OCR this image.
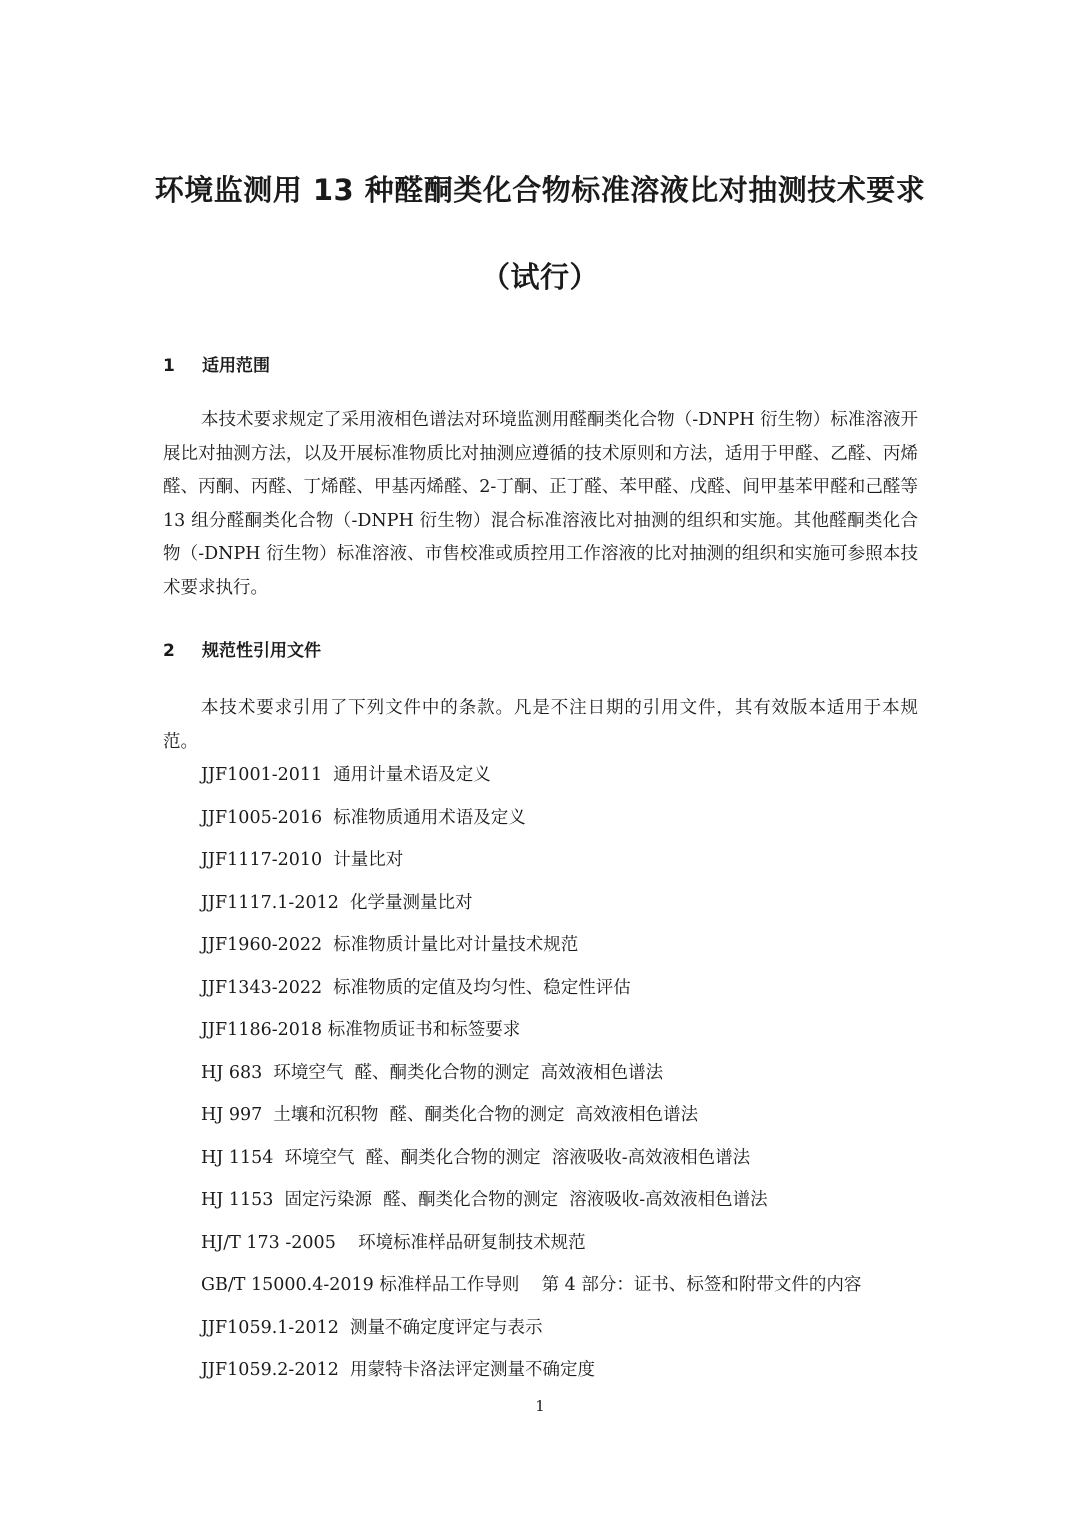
环境监测用 13 种醛酮类化合物标准溶液比对抽测技术要求
（试行）
1 适用范围
本技术要求规定了采用液相色谱法对环境监测用醛酮类化合物（-DNPH 衍生物）标准溶液开展比对抽测方法，以及开展标准物质比对抽测应遵循的技术原则和方法，适用于甲醛、乙醛、丙烯醛、丙酮、丙醛、丁烯醛、甲基丙烯醛、2-丁酮、正丁醛、苯甲醛、戊醛、间甲基苯甲醛和己醛等 13 组分醛酮类化合物（-DNPH 衍生物）混合标准溶液比对抽测的组织和实施。其他醛酮类化合物（-DNPH 衍生物）标准溶液、市售校准或质控用工作溶液的比对抽测的组织和实施可参照本技术要求执行。
2 规范性引用文件
本技术要求引用了下列文件中的条款。凡是不注日期的引用文件，其有效版本适用于本规范。
JJF1001-2011  通用计量术语及定义
JJF1005-2016  标准物质通用术语及定义
JJF1117-2010  计量比对
JJF1117.1-2012  化学量测量比对
JJF1960-2022  标准物质计量比对计量技术规范
JJF1343-2022  标准物质的定值及均匀性、稳定性评估
JJF1186-2018 标准物质证书和标签要求
HJ 683  环境空气  醛、酮类化合物的测定  高效液相色谱法
HJ 997  土壤和沉积物  醛、酮类化合物的测定  高效液相色谱法
HJ 1154  环境空气  醛、酮类化合物的测定  溶液吸收-高效液相色谱法
HJ 1153  固定污染源  醛、酮类化合物的测定  溶液吸收-高效液相色谱法
HJ/T 173 -2005    环境标准样品研复制技术规范
GB/T 15000.4-2019 标准样品工作导则    第 4 部分：证书、标签和附带文件的内容
JJF1059.1-2012  测量不确定度评定与表示
JJF1059.2-2012  用蒙特卡洛法评定测量不确定度
1
